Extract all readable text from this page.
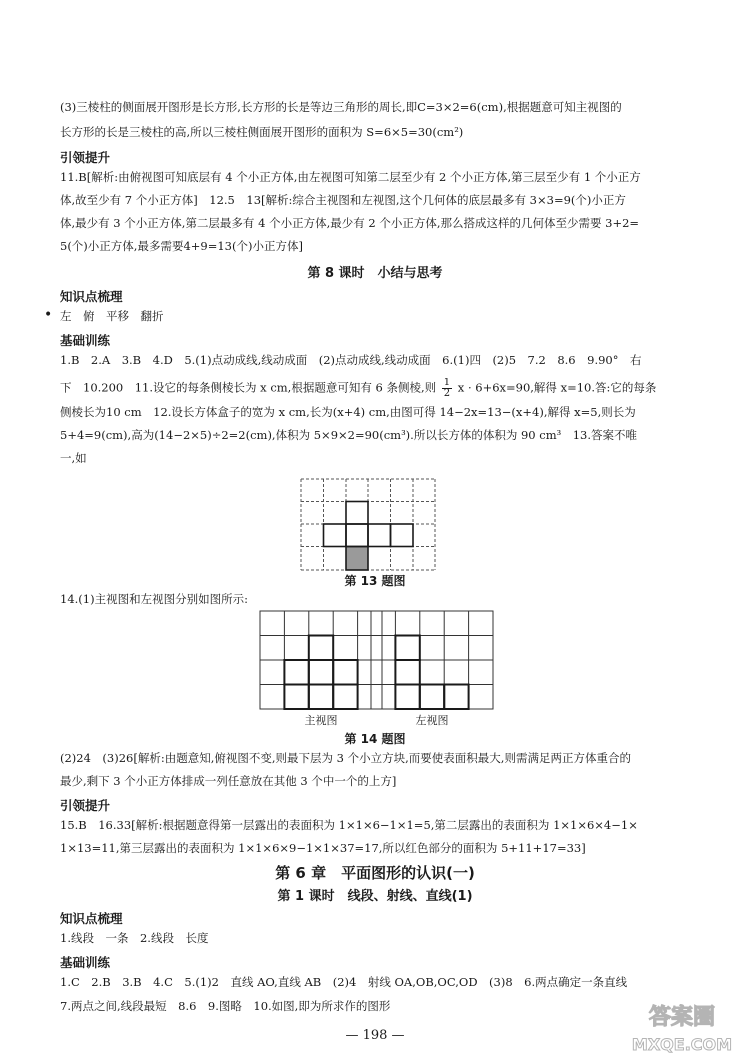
(3)三棱柱的侧面展开图形是长方形,长方形的长是等边三角形的周长,即C=3×2=6(cm),根据题意可知主视图的
长方形的长是三棱柱的高,所以三棱柱侧面展开图形的面积为 S=6×5=30(cm²)
引领提升
11.B[解析:由俯视图可知底层有 4 个小正方体,由左视图可知第二层至少有 2 个小正方体,第三层至少有 1 个小正方
体,故至少有 7 个小正方体]　12.5　13[解析:综合主视图和左视图,这个几何体的底层最多有 3×3=9(个)小正方
体,最少有 3 个小正方体,第二层最多有 4 个小正方体,最少有 2 个小正方体,那么搭成这样的几何体至少需要 3+2=
5(个)小正方体,最多需要4+9=13(个)小正方体]
第 8 课时　小结与思考
知识点梳理
• 左　俯　平移　翻折
基础训练
1.B　2.A　3.B　4.D　5.(1)点动成线,线动成面　(2)点动成线,线动成面　6.(1)四　(2)5　7.2　8.6　9.90°　右
下　10.200　11.设它的每条侧棱长为 x cm,根据题意可知有 6 条侧棱,则 $\frac{1}{2}$ x · 6+6x=90,解得 x=10.答:它的每条
侧棱长为10 cm　12.设长方体盒子的宽为 x cm,长为(x+4) cm,由图可得 14−2x=13−(x+4),解得 x=5,则长为
5+4=9(cm),高为(14−2×5)÷2=2(cm),体积为 5×9×2=90(cm³).所以长方体的体积为 90 cm³　13.答案不唯
一,如
第 13 题图
14.(1)主视图和左视图分别如图所示:
主视图	左视图
第 14 题图
(2)24　(3)26[解析:由题意知,俯视图不变,则最下层为 3 个小立方块,而要使表面积最大,则需满足两正方体重合的
最少,剩下 3 个小正方体排成一列任意放在其他 3 个中一个的上方]
引领提升
15.B　16.33[解析:根据题意得第一层露出的表面积为 1×1×6−1×1=5,第二层露出的表面积为 1×1×6×4−1×
1×13=11,第三层露出的表面积为 1×1×6×9−1×1×37=17,所以红色部分的面积为 5+11+17=33]
第 6 章　平面图形的认识(一)
第 1 课时　线段、射线、直线(1)
知识点梳理
1.线段　一条　2.线段　长度
基础训练
1.C　2.B　3.B　4.C　5.(1)2　直线 AO,直线 AB　(2)4　射线 OA,OB,OC,OD　(3)8　6.两点确定一条直线
7.两点之间,线段最短　8.6　9.图略　10.如图,即为所求作的图形
— 198 —
答案圈
MXQE.COM
